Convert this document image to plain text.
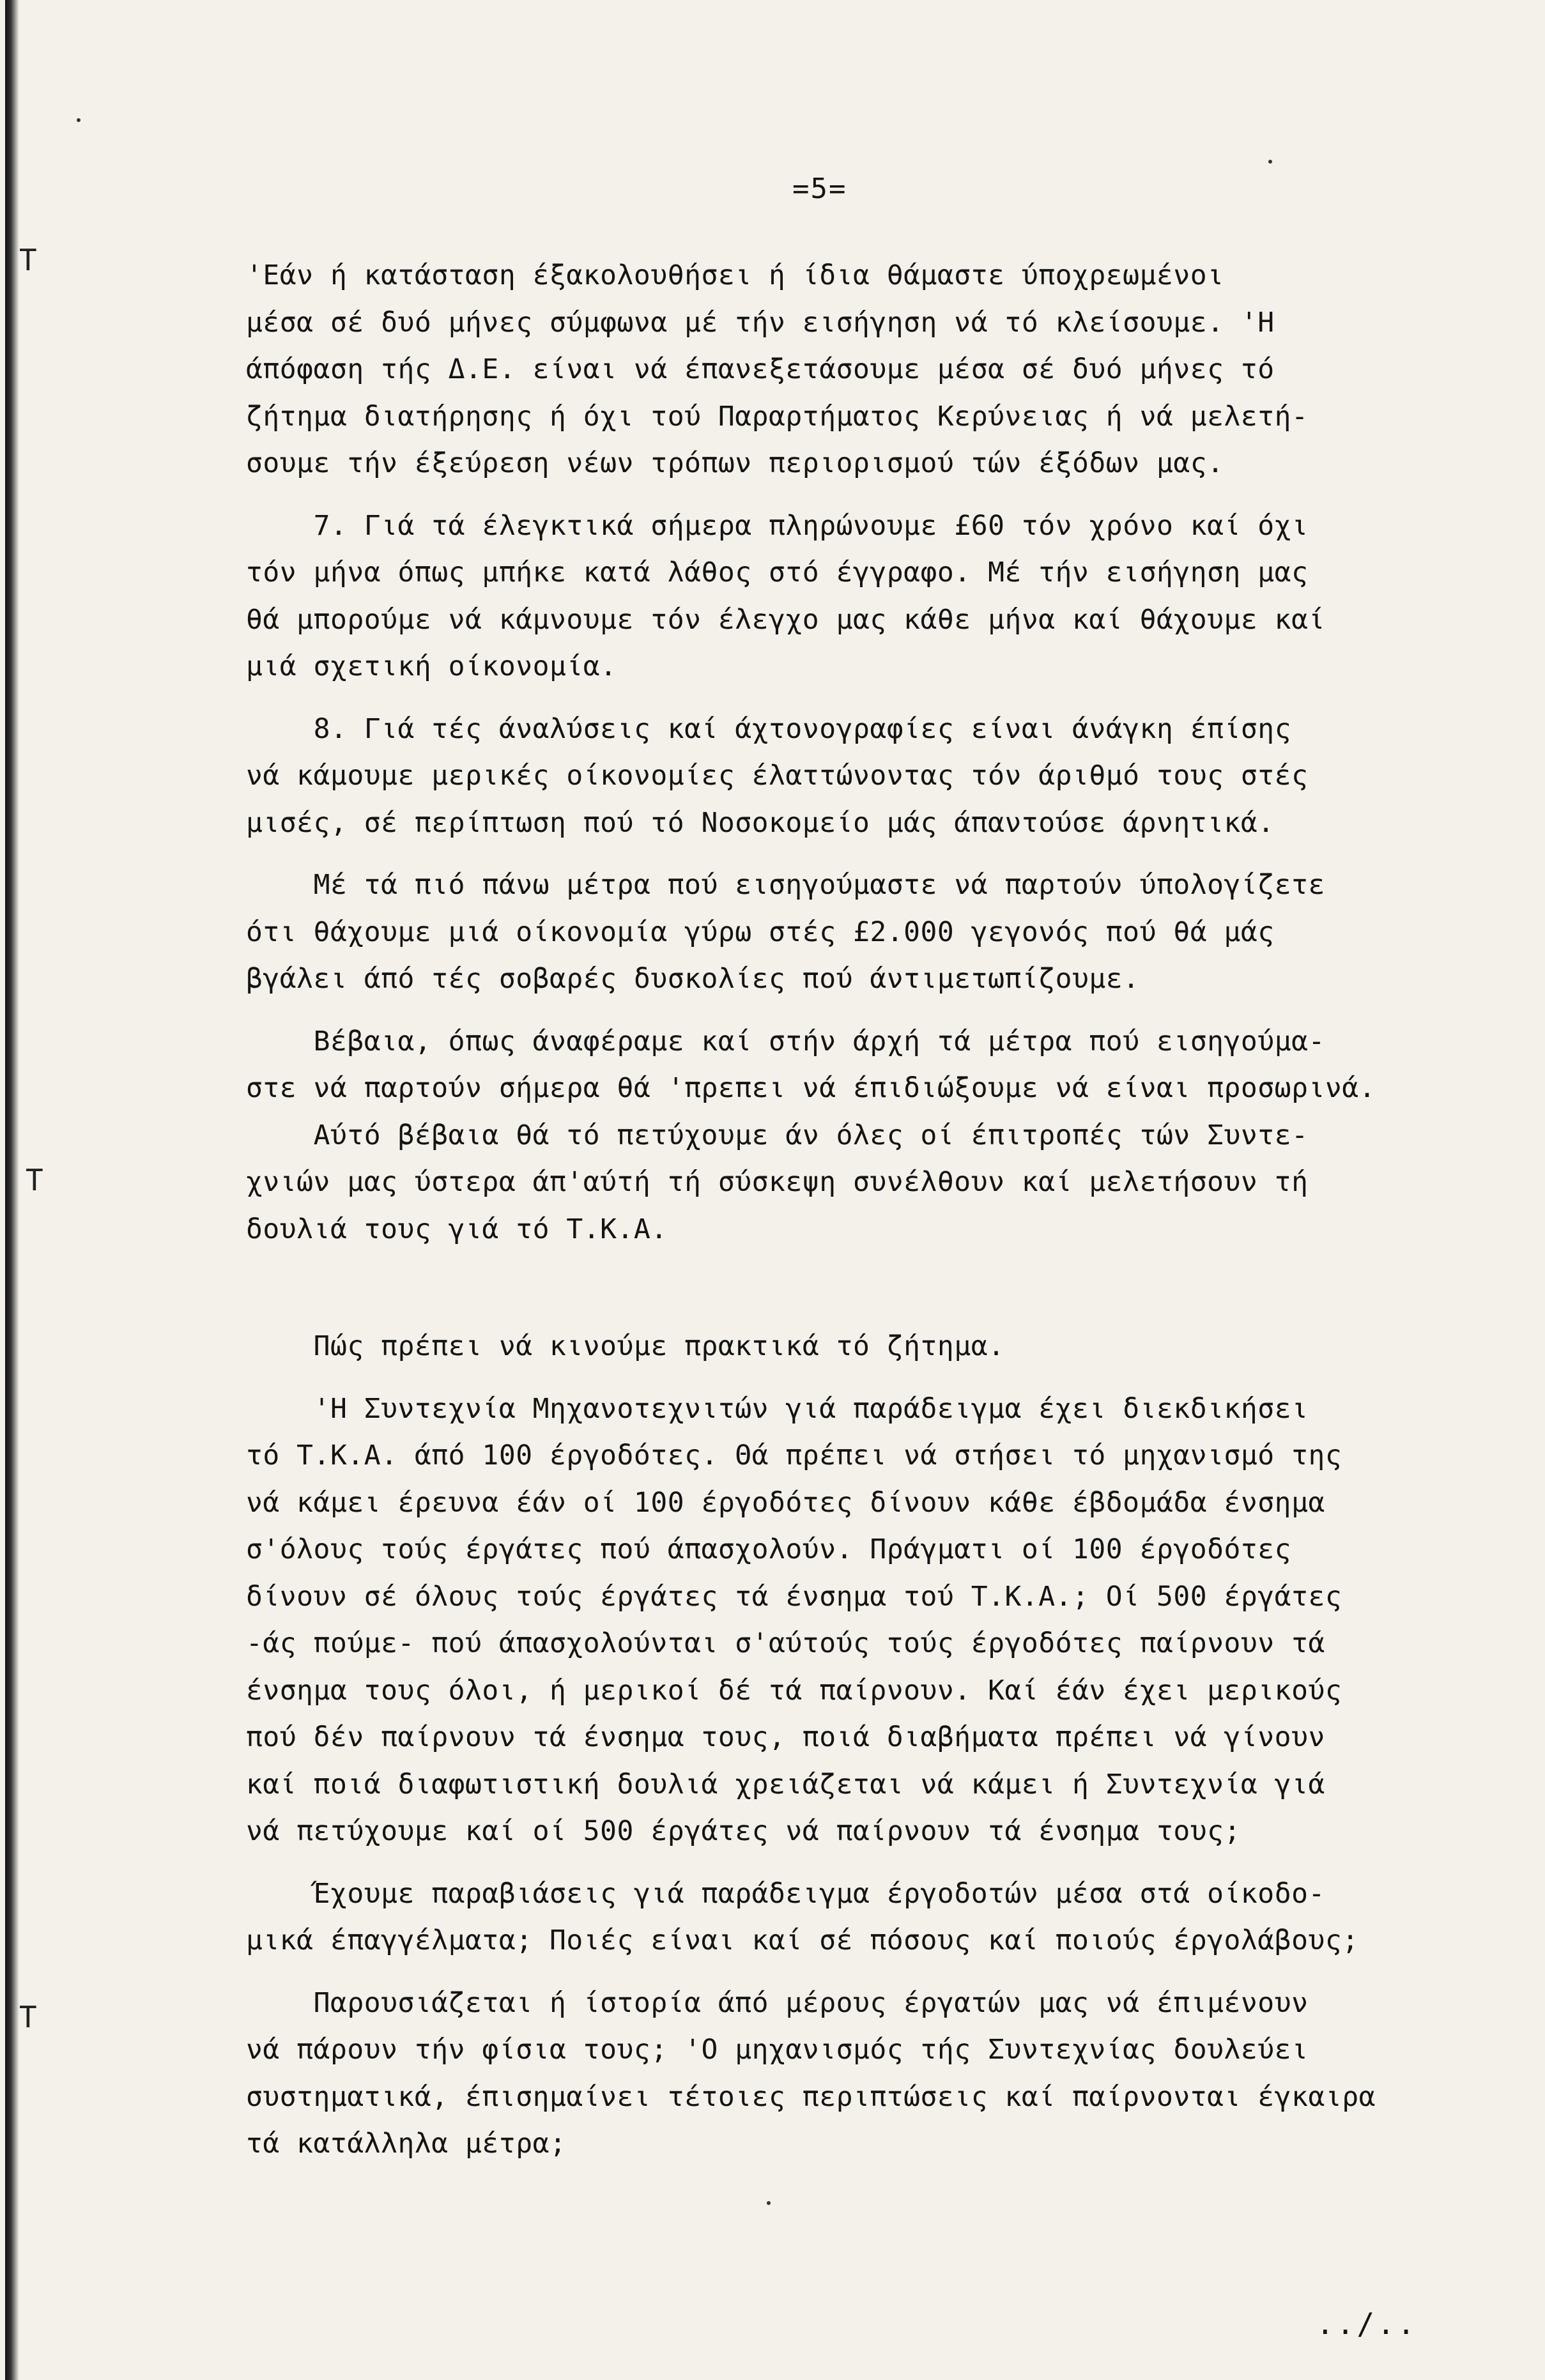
Τ
Τ
Τ
=5=

'Εάν ή κατάσταση έξακολουθήσει ή ίδια θάμαστε ύποχρεωμένοι
μέσα σέ δυό μήνες σύμφωνα μέ τήν εισήγηση νά τό κλείσουμε. 'Η
άπόφαση τής Δ.Ε. είναι νά έπανεξετάσουμε μέσα σέ δυό μήνες τό
ζήτημα διατήρησης ή όχι τού Παραρτήματος Κερύνειας ή νά μελετή-
σουμε τήν έξεύρεση νέων τρόπων περιορισμού τών έξόδων μας.

7. Γιά τά έλεγκτικά σήμερα πληρώνουμε £60 τόν χρόνο καί όχι
τόν μήνα όπως μπήκε κατά λάθος στό έγγραφο. Μέ τήν εισήγηση μας
θά μπορούμε νά κάμνουμε τόν έλεγχο μας κάθε μήνα καί θάχουμε καί
μιά σχετική οίκονομία.

8. Γιά τές άναλύσεις καί άχτονογραφίες είναι άνάγκη έπίσης
νά κάμουμε μερικές οίκονομίες έλαττώνοντας τόν άριθμό τους στές
μισές, σέ περίπτωση πού τό Νοσοκομείο μάς άπαντούσε άρνητικά.

Μέ τά πιό πάνω μέτρα πού εισηγούμαστε νά παρτούν ύπολογίζετε
ότι θάχουμε μιά οίκονομία γύρω στές £2.000 γεγονός πού θά μάς
βγάλει άπό τές σοβαρές δυσκολίες πού άντιμετωπίζουμε.

Βέβαια, όπως άναφέραμε καί στήν άρχή τά μέτρα πού εισηγούμα-
στε νά παρτούν σήμερα θά 'πρεπει νά έπιδιώξουμε νά είναι προσωρινά.
Αύτό βέβαια θά τό πετύχουμε άν όλες οί έπιτροπές τών Συντε-
χνιών μας ύστερα άπ'αύτή τή σύσκεψη συνέλθουν καί μελετήσουν τή
δουλιά τους γιά τό Τ.Κ.Α.

Πώς πρέπει νά κινούμε πρακτικά τό ζήτημα.

'Η Συντεχνία Μηχανοτεχνιτών γιά παράδειγμα έχει διεκδικήσει
τό Τ.Κ.Α. άπό 100 έργοδότες. Θά πρέπει νά στήσει τό μηχανισμό της
νά κάμει έρευνα έάν οί 100 έργοδότες δίνουν κάθε έβδομάδα ένσημα
σ'όλους τούς έργάτες πού άπασχολούν. Πράγματι οί 100 έργοδότες
δίνουν σέ όλους τούς έργάτες τά ένσημα τού Τ.Κ.Α.; Οί 500 έργάτες
-άς πούμε- πού άπασχολούνται σ'αύτούς τούς έργοδότες παίρνουν τά
ένσημα τους όλοι, ή μερικοί δέ τά παίρνουν. Καί έάν έχει μερικούς
πού δέν παίρνουν τά ένσημα τους, ποιά διαβήματα πρέπει νά γίνουν
καί ποιά διαφωτιστική δουλιά χρειάζεται νά κάμει ή Συντεχνία γιά
νά πετύχουμε καί οί 500 έργάτες νά παίρνουν τά ένσημα τους;

Έχουμε παραβιάσεις γιά παράδειγμα έργοδοτών μέσα στά οίκοδο-
μικά έπαγγέλματα; Ποιές είναι καί σέ πόσους καί ποιούς έργολάβους;

Παρουσιάζεται ή ίστορία άπό μέρους έργατών μας νά έπιμένουν
νά πάρουν τήν φίσια τους; 'Ο μηχανισμός τής Συντεχνίας δουλεύει
συστηματικά, έπισημαίνει τέτοιες περιπτώσεις καί παίρνονται έγκαιρα
τά κατάλληλα μέτρα;

../..
